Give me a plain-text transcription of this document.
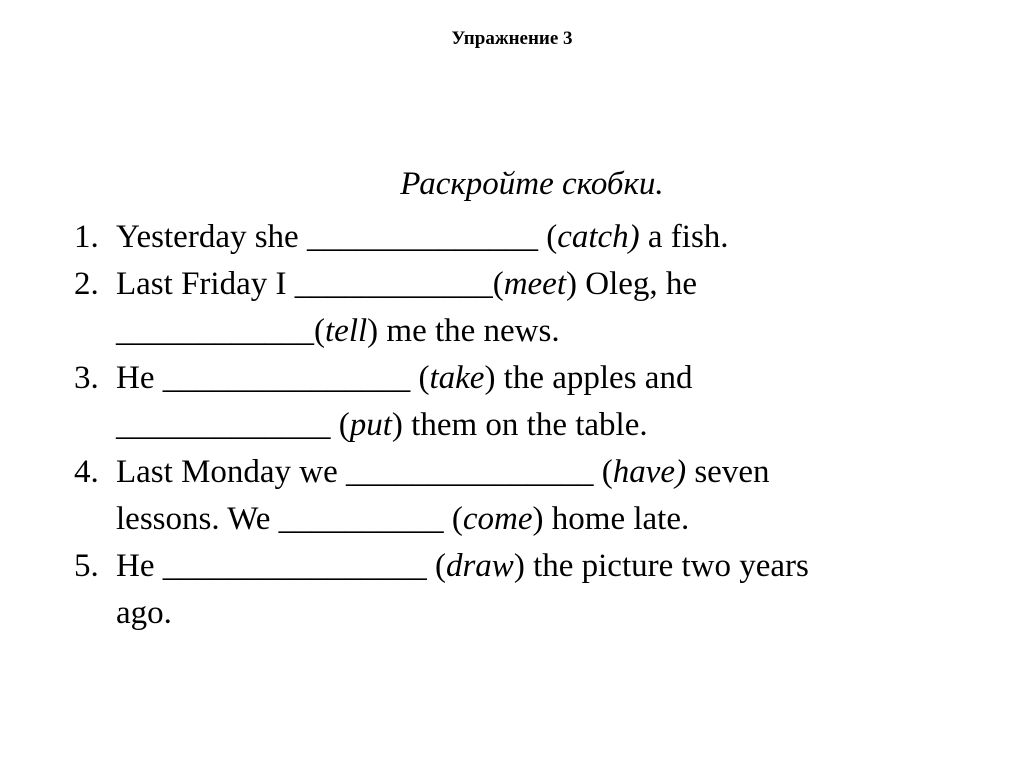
Упражнение 3
Раскройте скобки.
1. Yesterday she ______________ (catch) a fish.
2. Last Friday I ____________(meet) Oleg, he
____________(tell) me the news.
3. He _______________ (take) the apples and
_____________ (put) them on the table.
4. Last Monday we _______________ (have) seven
lessons. We __________ (come) home late.
5. He ________________ (draw) the picture two years
ago.
